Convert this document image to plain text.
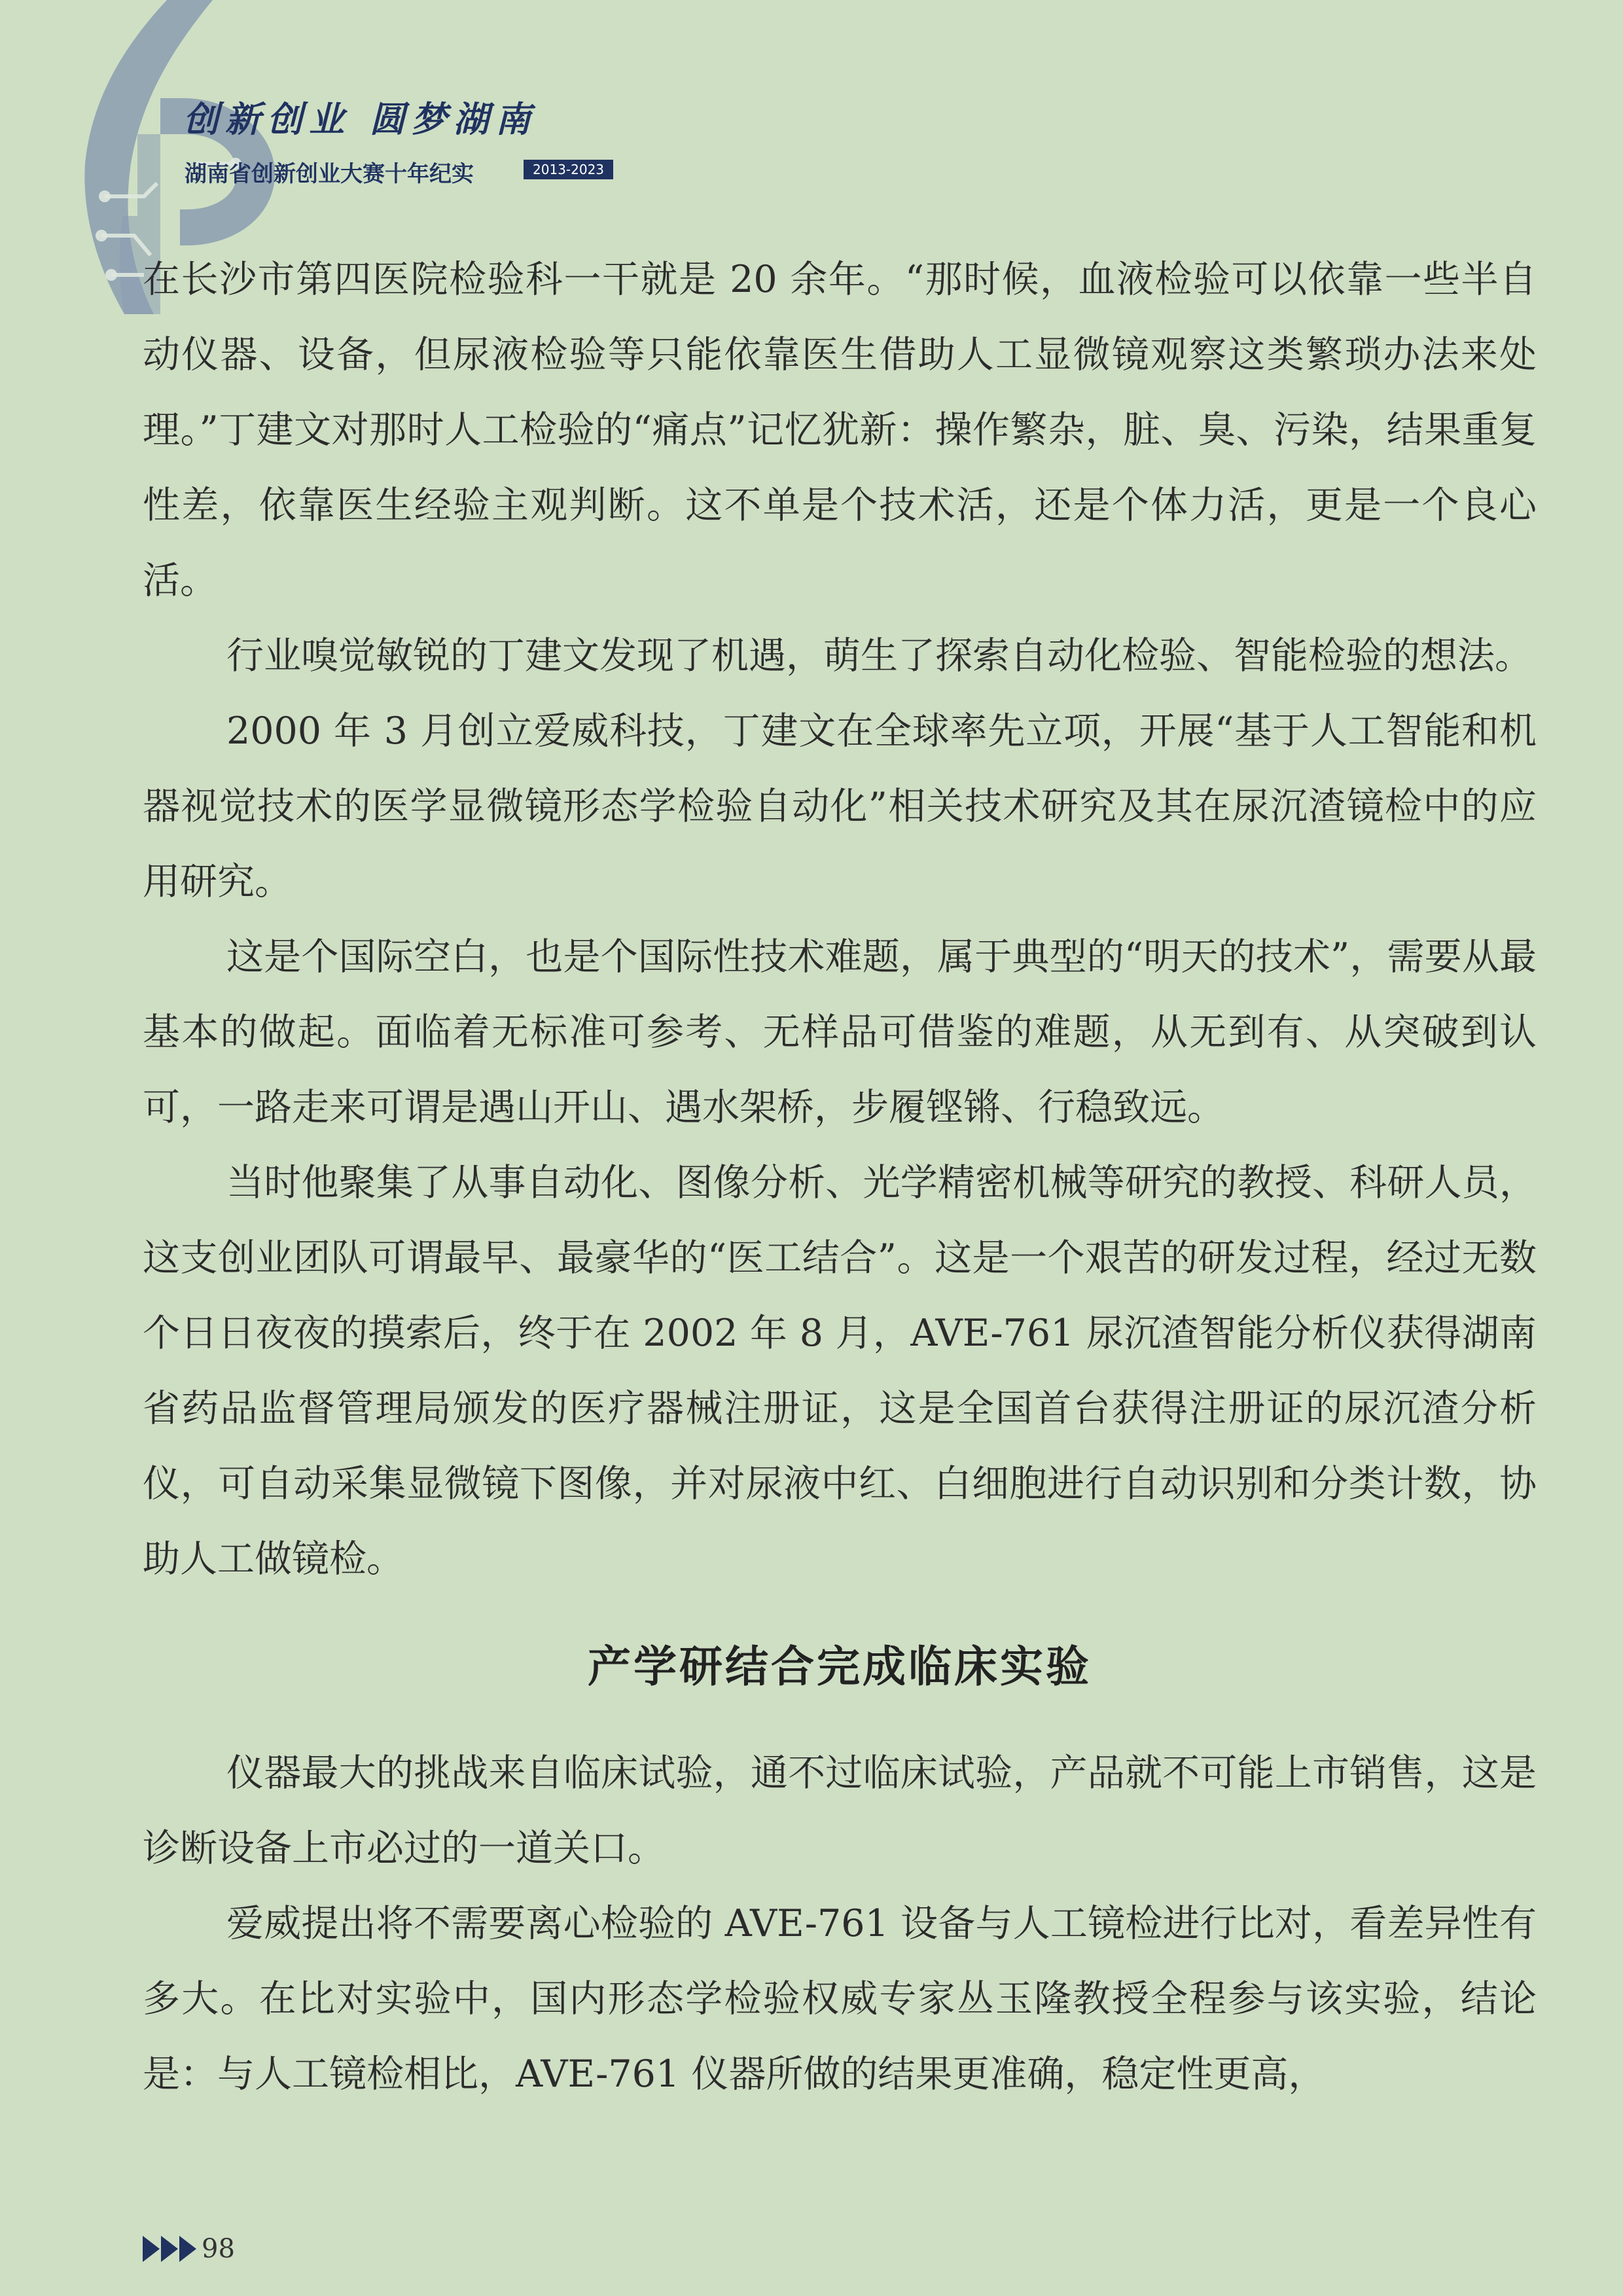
创新创业 圆梦湖南
湖南省创新创业大赛十年纪实	2013-2023

在长沙市第四医院检验科一干就是 20 余年。“那时候，血液检验可以依靠一些半自动仪器、设备，但尿液检验等只能依靠医生借助人工显微镜观察这类繁琐办法来处理。”丁建文对那时人工检验的“痛点”记忆犹新：操作繁杂，脏、臭、污染，结果重复性差，依靠医生经验主观判断。这不单是个技术活，还是个体力活，更是一个良心活。

行业嗅觉敏锐的丁建文发现了机遇，萌生了探索自动化检验、智能检验的想法。

2000 年 3 月创立爱威科技，丁建文在全球率先立项，开展“基于人工智能和机器视觉技术的医学显微镜形态学检验自动化”相关技术研究及其在尿沉渣镜检中的应用研究。

这是个国际空白，也是个国际性技术难题，属于典型的“明天的技术”，需要从最基本的做起。面临着无标准可参考、无样品可借鉴的难题，从无到有、从突破到认可，一路走来可谓是遇山开山、遇水架桥，步履铿锵、行稳致远。

当时他聚集了从事自动化、图像分析、光学精密机械等研究的教授、科研人员，这支创业团队可谓最早、最豪华的“医工结合”。这是一个艰苦的研发过程，经过无数个日日夜夜的摸索后，终于在 2002 年 8 月，AVE-761 尿沉渣智能分析仪获得湖南省药品监督管理局颁发的医疗器械注册证，这是全国首台获得注册证的尿沉渣分析仪，可自动采集显微镜下图像，并对尿液中红、白细胞进行自动识别和分类计数，协助人工做镜检。

产学研结合完成临床实验

仪器最大的挑战来自临床试验，通不过临床试验，产品就不可能上市销售，这是诊断设备上市必过的一道关口。

爱威提出将不需要离心检验的 AVE-761 设备与人工镜检进行比对，看差异性有多大。在比对实验中，国内形态学检验权威专家丛玉隆教授全程参与该实验，结论是：与人工镜检相比，AVE-761 仪器所做的结果更准确，稳定性更高，

98
